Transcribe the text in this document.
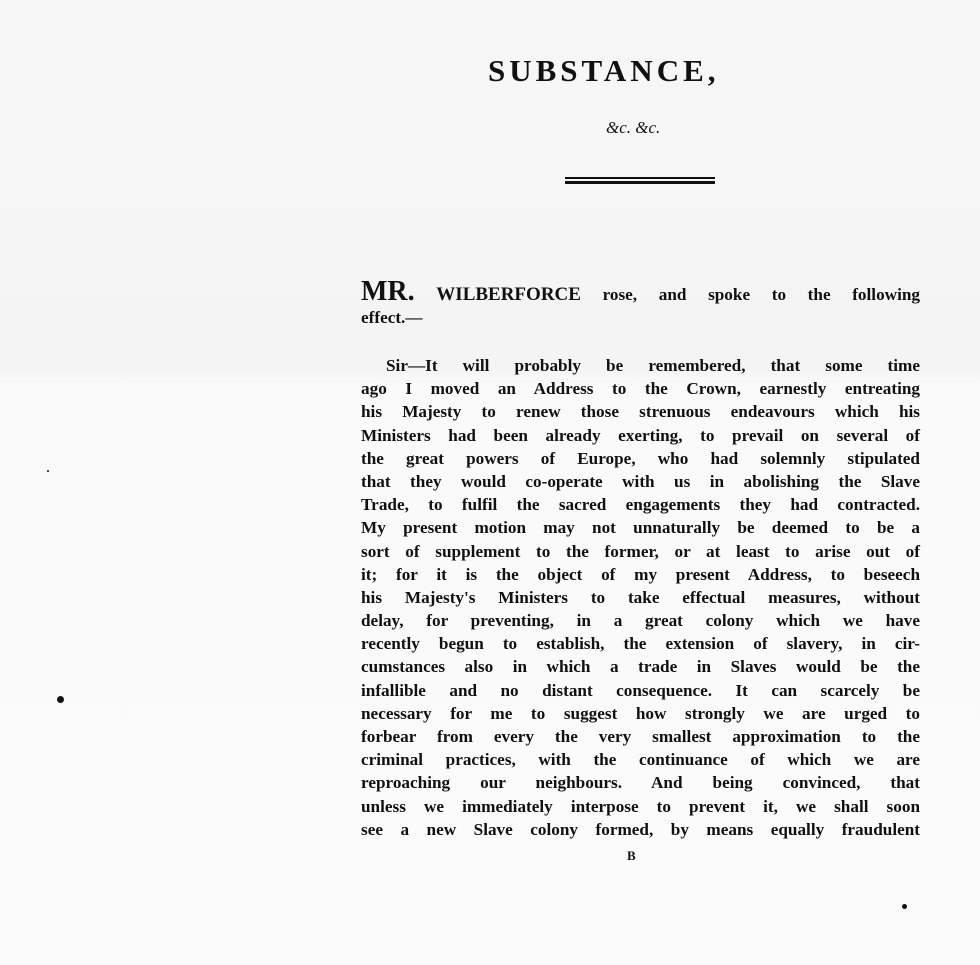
SUBSTANCE,
&c. &c.
MR. WILBERFORCE rose, and spoke to the following
effect.—
Sir—It will probably be remembered, that some time
ago I moved an Address to the Crown, earnestly entreating
his Majesty to renew those strenuous endeavours which his
Ministers had been already exerting, to prevail on several of
the great powers of Europe, who had solemnly stipulated
that they would co-operate with us in abolishing the Slave
Trade, to fulfil the sacred engagements they had contracted.
My present motion may not unnaturally be deemed to be a
sort of supplement to the former, or at least to arise out of
it; for it is the object of my present Address, to beseech
his Majesty's Ministers to take effectual measures, without
delay, for preventing, in a great colony which we have
recently begun to establish, the extension of slavery, in cir-
cumstances also in which a trade in Slaves would be the
infallible and no distant consequence. It can scarcely be
necessary for me to suggest how strongly we are urged to
forbear from every the very smallest approximation to the
criminal practices, with the continuance of which we are
reproaching our neighbours. And being convinced, that
unless we immediately interpose to prevent it, we shall soon
see a new Slave colony formed, by means equally fraudulent
B
